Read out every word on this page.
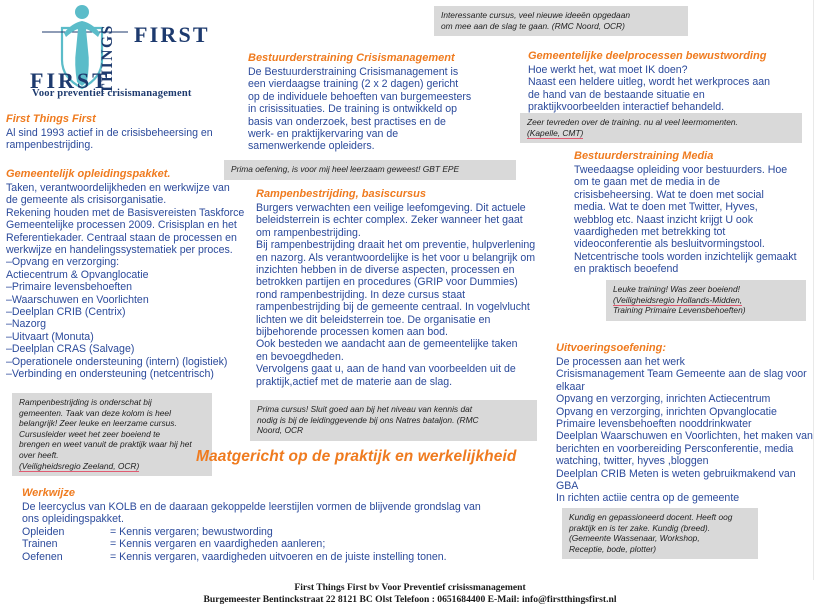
FIRST
THINGS
FIRST
Voor preventief crisismanagement
First Things First
Al sind 1993 actief in de crisisbeheersing en
rampenbestrijding.
Gemeentelijk opleidingspakket.
Taken, verantwoordelijkheden en werkwijze van
de gemeente als crisisorganisatie.
Rekening houden met de Basisvereisten Taskforce
Gemeentelijke processen 2009. Crisisplan en het
Referentiekader. Centraal staan de processen en
werkwijze en handelingssystematiek per proces.
–Opvang en verzorging:
Actiecentrum & Opvanglocatie
–Primaire levensbehoeften
–Waarschuwen en Voorlichten
–Deelplan CRIB (Centrix)
–Nazorg
–Uitvaart (Monuta)
–Deelplan CRAS (Salvage)
–Operationele ondersteuning (intern) (logistiek)
–Verbinding en ondersteuning (netcentrisch)
Rampenbestrijding is onderschat bij
gemeenten. Taak van deze kolom is heel
belangrijk! Zeer leuke en leerzame cursus.
Cursusleider weet het zeer boeiend te
brengen en weet vanuit de praktijk waar hij het
over heeft.
(Veiligheidsregio Zeeland, OCR)
Werkwijze
De leercyclus van KOLB en de daaraan gekoppelde leerstijlen vormen de blijvende grondslag van
ons opleidingspakket.
Opleiden	= Kennis vergaren; bewustwording
Trainen	= Kennis vergaren en vaardigheden aanleren;
Oefenen	= Kennis vergaren, vaardigheden uitvoeren en de juiste instelling tonen.
Bestuurderstraining Crisismanagement
De Bestuurderstraining Crisismanagement is
een vierdaagse training (2 x 2 dagen) gericht
op de individuele behoeften van burgemeesters
in crisissituaties. De training is ontwikkeld op
basis van onderzoek, best practises en de
werk- en praktijkervaring van de
samenwerkende opleiders.
Prima oefening, is voor mij heel leerzaam geweest! GBT EPE
Rampenbestrijding, basiscursus
Burgers verwachten een veilige leefomgeving. Dit actuele
beleidsterrein is echter complex. Zeker wanneer het gaat
om rampenbestrijding.
Bij rampenbestrijding draait het om preventie, hulpverlening
en nazorg. Als verantwoordelijke is het voor u belangrijk om
inzichten hebben in de diverse aspecten, processen en
betrokken partijen en procedures (GRIP voor Dummies)
rond rampenbestrijding. In deze cursus staat
rampenbestrijding bij de gemeente centraal. In vogelvlucht
lichten we dit beleidsterrein toe. De organisatie en
bijbehorende processen komen aan bod.
Ook besteden we aandacht aan de gemeentelijke taken
en bevoegdheden.
Vervolgens gaat u, aan de hand van voorbeelden uit de
praktijk,actief met de materie aan de slag.
Prima cursus! Sluit goed aan bij het niveau van kennis dat
nodig is bij de leidinggevende bij ons Natres bataljon. (RMC
Noord, OCR
Maatgericht op de praktijk en werkelijkheid
Interessante cursus, veel nieuwe ideeën opgedaan
om mee aan de slag te gaan. (RMC Noord, OCR)
Gemeentelijke deelprocessen bewustwording
Hoe werkt het, wat moet IK doen?
Naast een heldere uitleg, wordt het werkproces aan
de hand van de bestaande situatie en
praktijkvoorbeelden interactief behandeld.
Zeer tevreden over de training. nu al veel leermomenten.
(Kapelle, CMT)
Bestuurderstraining Media
Tweedaagse opleiding voor bestuurders. Hoe
om te gaan met de media in de
crisisbeheersing. Wat te doen met social
media. Wat te doen met Twitter, Hyves,
webblog etc. Naast inzicht krijgt U ook
vaardigheden met betrekking tot
videoconferentie als besluitvormingstool.
Netcentrische tools worden inzichtelijk gemaakt
en praktisch beoefend
Leuke training! Was zeer boeiend!
(Veiligheidsregio Hollands-Midden,
Training Primaire Levensbehoeften)
Uitvoeringsoefening:
De processen aan het werk
Crisismanagement Team Gemeente aan de slag voor
elkaar
Opvang en verzorging, inrichten Actiecentrum
Opvang en verzorging, inrichten Opvanglocatie
Primaire levensbehoeften nooddrinkwater
Deelplan Waarschuwen en Voorlichten, het maken van
berichten en voorbereiding Persconferentie, media
watching, twitter, hyves ,bloggen
Deelplan CRIB Meten is weten gebruikmakend van
GBA
In richten actiie centra op de gemeente
Kundig en gepassioneerd docent. Heeft oog
praktijk en is ter zake. Kundig (breed).
(Gemeente Wassenaar, Workshop,
Receptie, bode, plotter)
First Things First bv Voor Preventief crisissmanagement
Burgemeester Bentinckstraat 22 8121 BC Olst Telefoon : 0651684400 E-Mail: info@firstthingsfirst.nl
